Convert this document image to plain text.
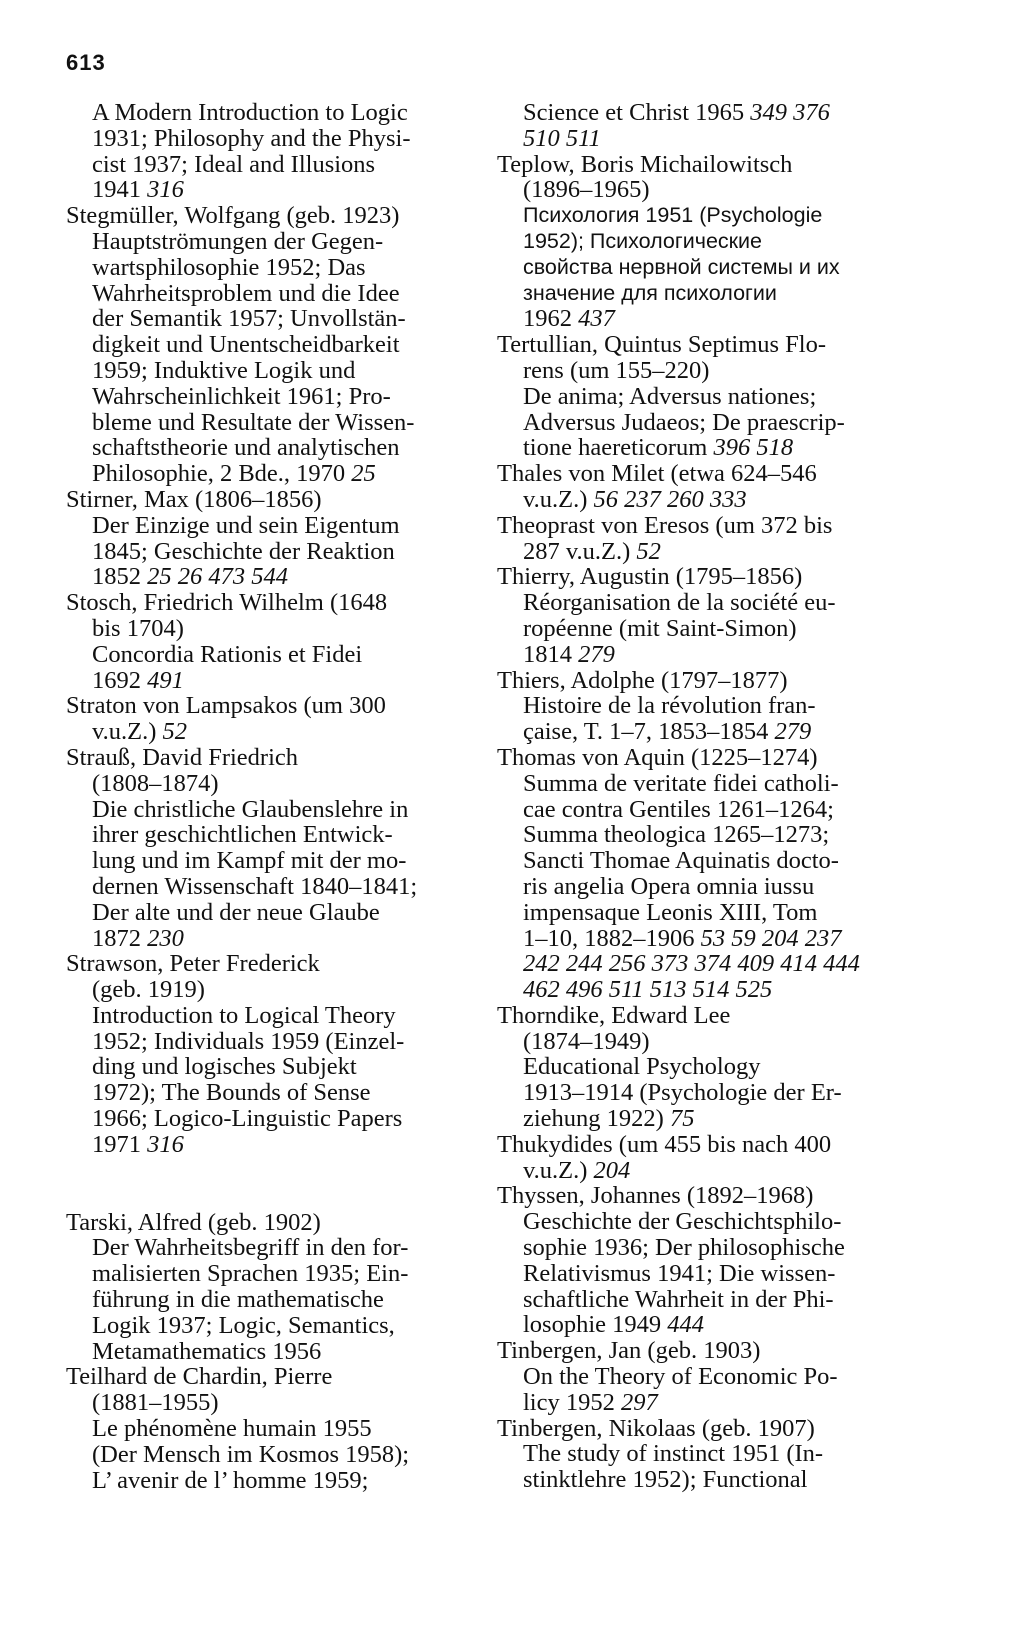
613
A Modern Introduction to Logic
1931; Philosophy and the Physi-
cist 1937; Ideal and Illusions
1941 316
Stegmüller, Wolfgang (geb. 1923)
Hauptströmungen der Gegen-
wartsphilosophie 1952; Das
Wahrheitsproblem und die Idee
der Semantik 1957; Unvollstän-
digkeit und Unentscheidbarkeit
1959; Induktive Logik und
Wahrscheinlichkeit 1961; Pro-
bleme und Resultate der Wissen-
schaftstheorie und analytischen
Philosophie, 2 Bde., 1970 25
Stirner, Max (1806–1856)
Der Einzige und sein Eigentum
1845; Geschichte der Reaktion
1852 25 26 473 544
Stosch, Friedrich Wilhelm (1648
bis 1704)
Concordia Rationis et Fidei
1692 491
Straton von Lampsakos (um 300
v.u.Z.) 52
Strauß, David Friedrich
(1808–1874)
Die christliche Glaubenslehre in
ihrer geschichtlichen Entwick-
lung und im Kampf mit der mo-
dernen Wissenschaft 1840–1841;
Der alte und der neue Glaube
1872 230
Strawson, Peter Frederick
(geb. 1919)
Introduction to Logical Theory
1952; Individuals 1959 (Einzel-
ding und logisches Subjekt
1972); The Bounds of Sense
1966; Logico-Linguistic Papers
1971 316
Tarski, Alfred (geb. 1902)
Der Wahrheitsbegriff in den for-
malisierten Sprachen 1935; Ein-
führung in die mathematische
Logik 1937; Logic, Semantics,
Metamathematics 1956
Teilhard de Chardin, Pierre
(1881–1955)
Le phénomène humain 1955
(Der Mensch im Kosmos 1958);
L’ avenir de l’ homme 1959;
Science et Christ 1965 349 376
510 511
Teplow, Boris Michailowitsch
(1896–1965)
Психология 1951 (Psychologie
1952); Психологические
свойства нервной системы и их
значение для психологии
1962 437
Tertullian, Quintus Septimus Flo-
rens (um 155–220)
De anima; Adversus nationes;
Adversus Judaeos; De praescrip-
tione haereticorum 396 518
Thales von Milet (etwa 624–546
v.u.Z.) 56 237 260 333
Theoprast von Eresos (um 372 bis
287 v.u.Z.) 52
Thierry, Augustin (1795–1856)
Réorganisation de la société eu-
ropéenne (mit Saint-Simon)
1814 279
Thiers, Adolphe (1797–1877)
Histoire de la révolution fran-
çaise, T. 1–7, 1853–1854 279
Thomas von Aquin (1225–1274)
Summa de veritate fidei catholi-
cae contra Gentiles 1261–1264;
Summa theologica 1265–1273;
Sancti Thomae Aquinatis docto-
ris angelia Opera omnia iussu
impensaque Leonis XIII, Tom
1–10, 1882–1906 53 59 204 237
242 244 256 373 374 409 414 444
462 496 511 513 514 525
Thorndike, Edward Lee
(1874–1949)
Educational Psychology
1913–1914 (Psychologie der Er-
ziehung 1922) 75
Thukydides (um 455 bis nach 400
v.u.Z.) 204
Thyssen, Johannes (1892–1968)
Geschichte der Geschichtsphilo-
sophie 1936; Der philosophische
Relativismus 1941; Die wissen-
schaftliche Wahrheit in der Phi-
losophie 1949 444
Tinbergen, Jan (geb. 1903)
On the Theory of Economic Po-
licy 1952 297
Tinbergen, Nikolaas (geb. 1907)
The study of instinct 1951 (In-
stinktlehre 1952); Functional
